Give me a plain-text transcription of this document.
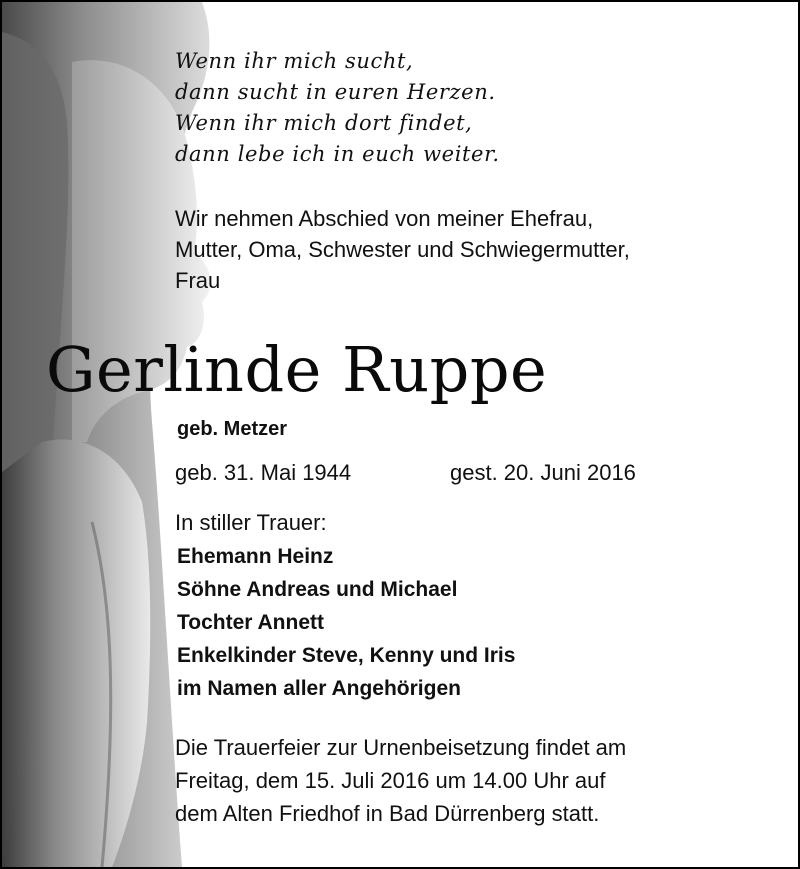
Wenn ihr mich sucht,
dann sucht in euren Herzen.
Wenn ihr mich dort findet,
dann lebe ich in euch weiter.
Wir nehmen Abschied von meiner Ehefrau,
Mutter, Oma, Schwester und Schwiegermutter,
Frau
Gerlinde Ruppe
geb. Metzer
geb. 31. Mai 1944	gest. 20. Juni 2016
In stiller Trauer:
Ehemann Heinz
Söhne Andreas und Michael
Tochter Annett
Enkelkinder Steve, Kenny und Iris
im Namen aller Angehörigen
Die Trauerfeier zur Urnenbeisetzung findet am
Freitag, dem 15. Juli 2016 um 14.00 Uhr auf
dem Alten Friedhof in Bad Dürrenberg statt.
